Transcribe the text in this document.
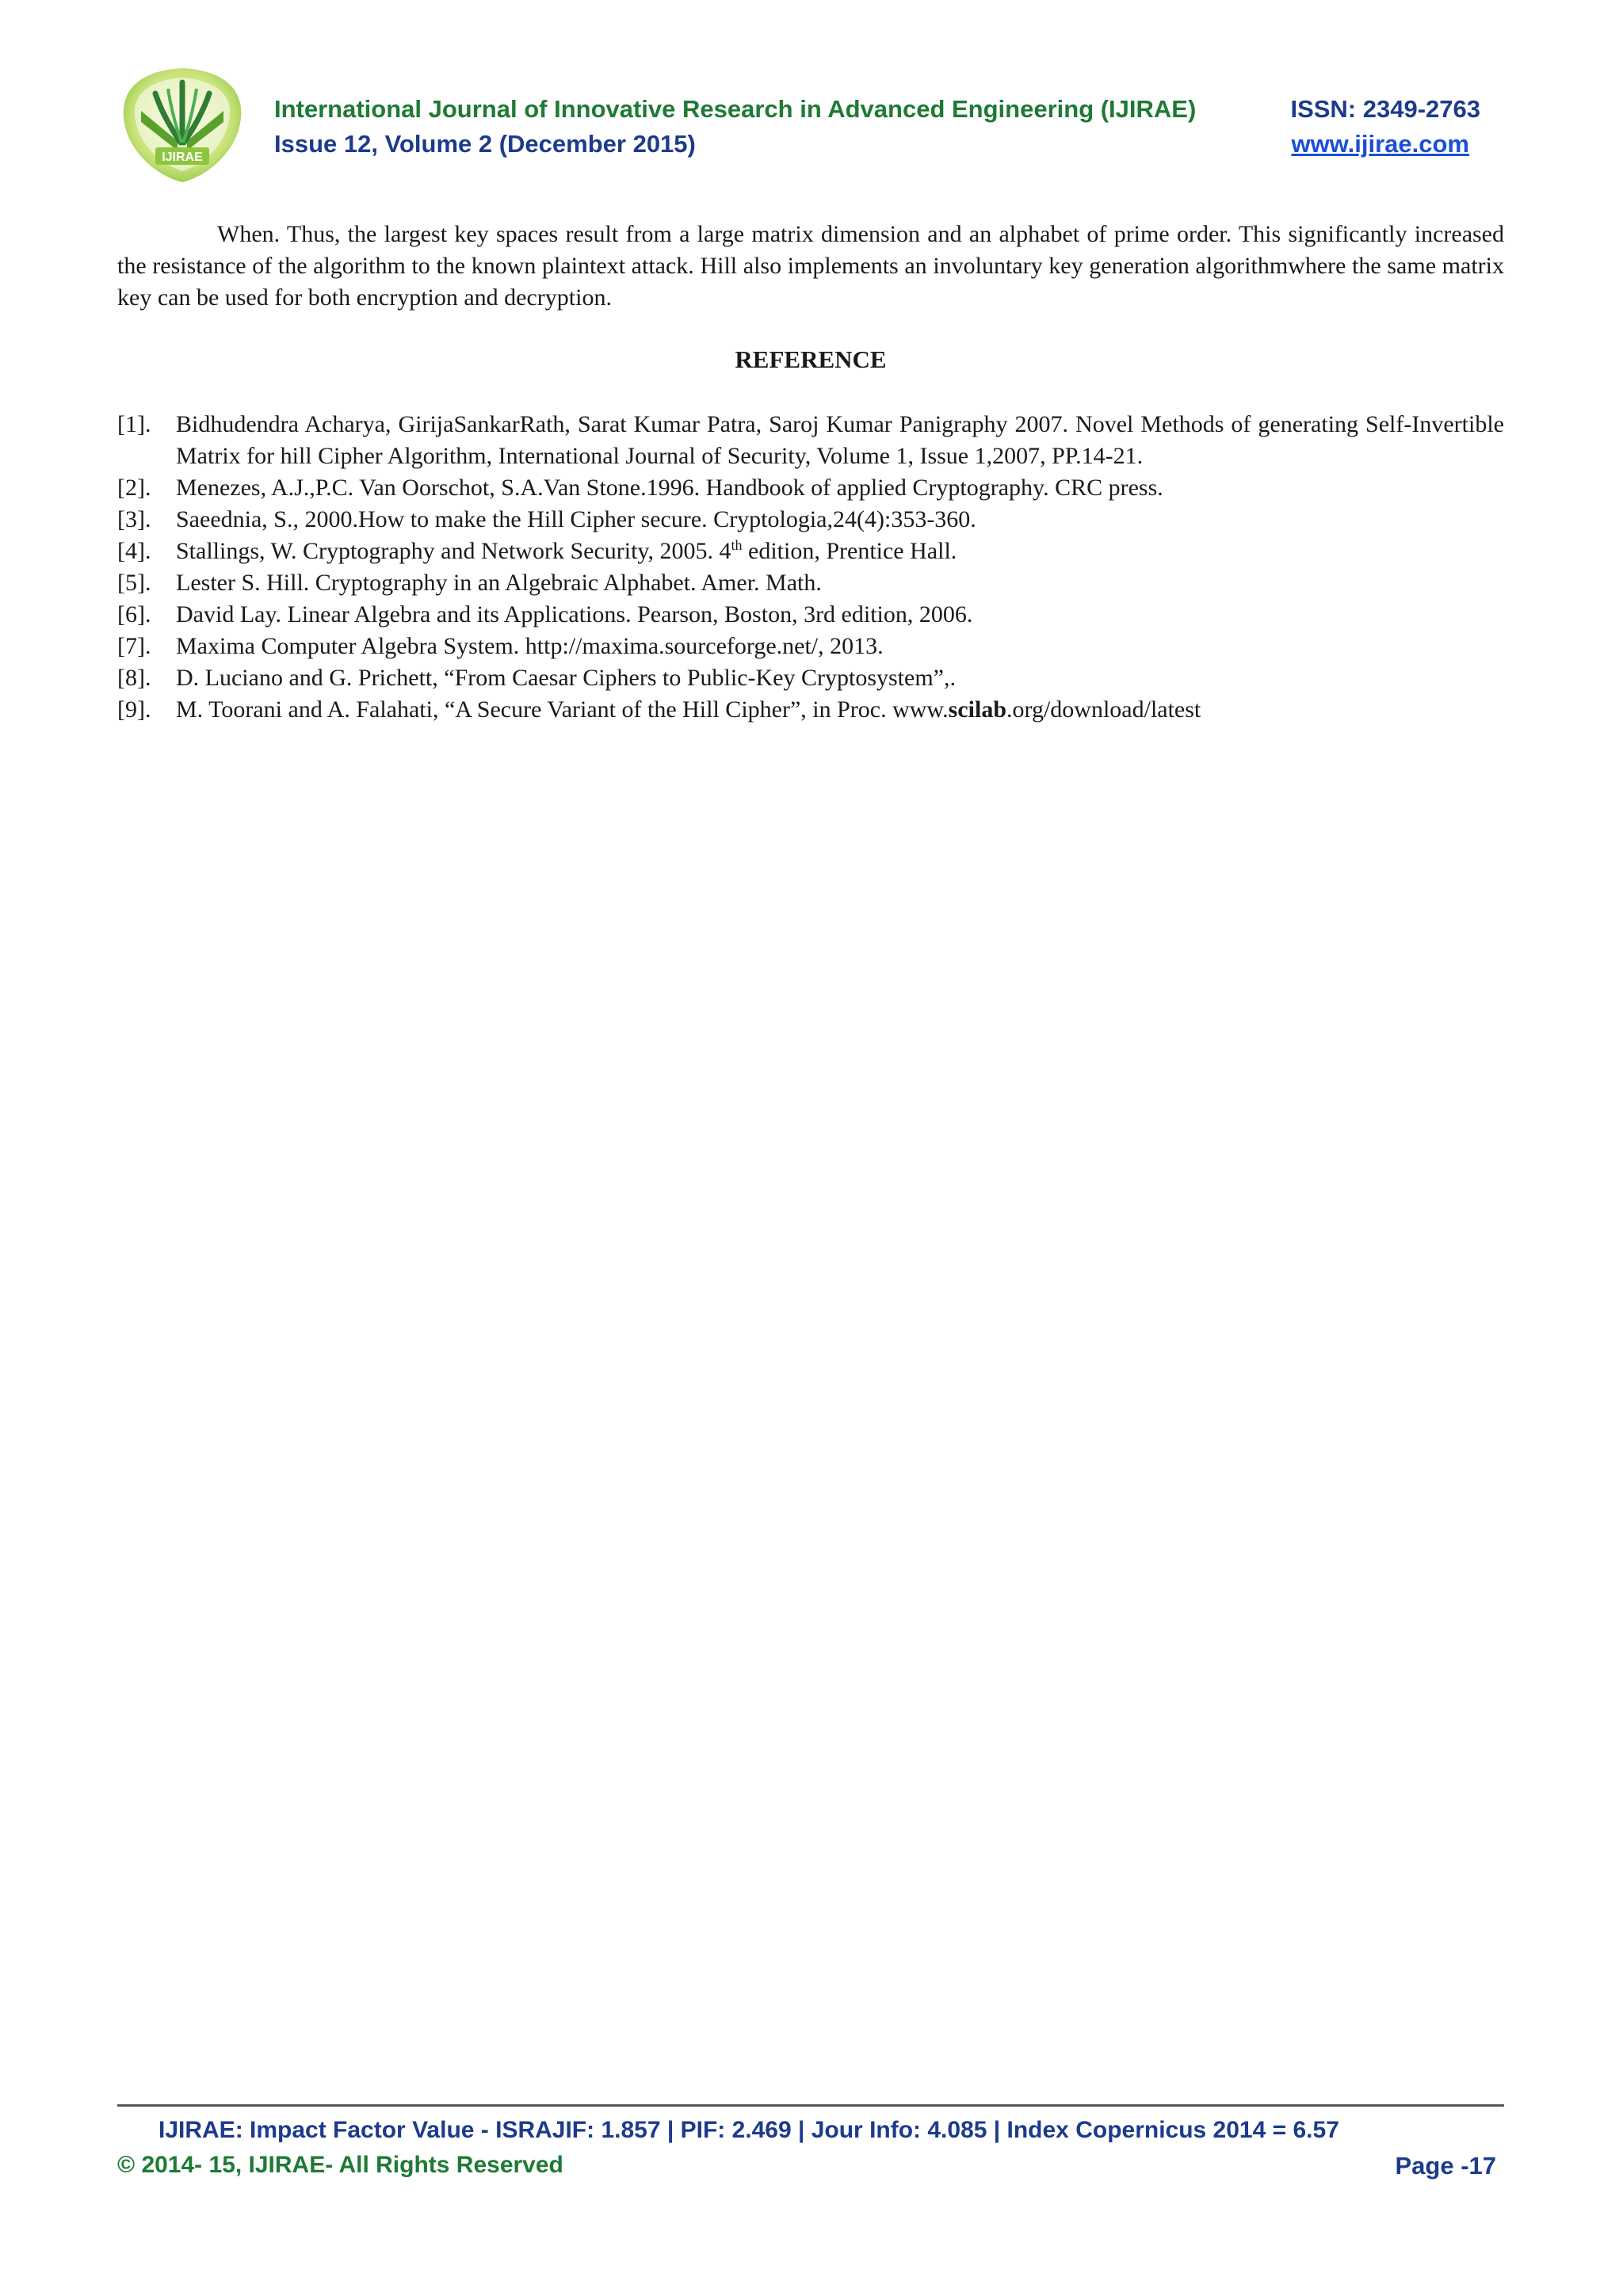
IJIRAE
International Journal of Innovative Research in Advanced Engineering (IJIRAE)	ISSN: 2349-2763
Issue 12, Volume 2 (December 2015)	www.ijirae.com

When. Thus, the largest key spaces result from a large matrix dimension and an alphabet of prime order. This significantly increased the resistance of the algorithm to the known plaintext attack. Hill also implements an involuntary key generation algorithmwhere the same matrix key can be used for both encryption and decryption.

REFERENCE
[1].	Bidhudendra Acharya, GirijaSankarRath, Sarat Kumar Patra, Saroj Kumar Panigraphy 2007. Novel Methods of generating Self-Invertible Matrix for hill Cipher Algorithm, International Journal of Security, Volume 1, Issue 1,2007, PP.14-21.
[2].	Menezes, A.J.,P.C. Van Oorschot, S.A.Van Stone.1996. Handbook of applied Cryptography. CRC press.
[3].	Saeednia, S., 2000.How to make the Hill Cipher secure. Cryptologia,24(4):353-360.
[4].	Stallings, W. Cryptography and Network Security, 2005. 4th edition, Prentice Hall.
[5].	Lester S. Hill. Cryptography in an Algebraic Alphabet. Amer. Math.
[6].	David Lay. Linear Algebra and its Applications. Pearson, Boston, 3rd edition, 2006.
[7].	Maxima Computer Algebra System. http://maxima.sourceforge.net/, 2013.
[8].	D. Luciano and G. Prichett, “From Caesar Ciphers to Public-Key Cryptosystem”,.
[9].	M. Toorani and A. Falahati, “A Secure Variant of the Hill Cipher”, in Proc. www.scilab.org/download/latest
IJIRAE: Impact Factor Value - ISRAJIF: 1.857 | PIF: 2.469 | Jour Info: 4.085 | Index Copernicus 2014 = 6.57
© 2014- 15, IJIRAE- All Rights Reserved	Page -17
